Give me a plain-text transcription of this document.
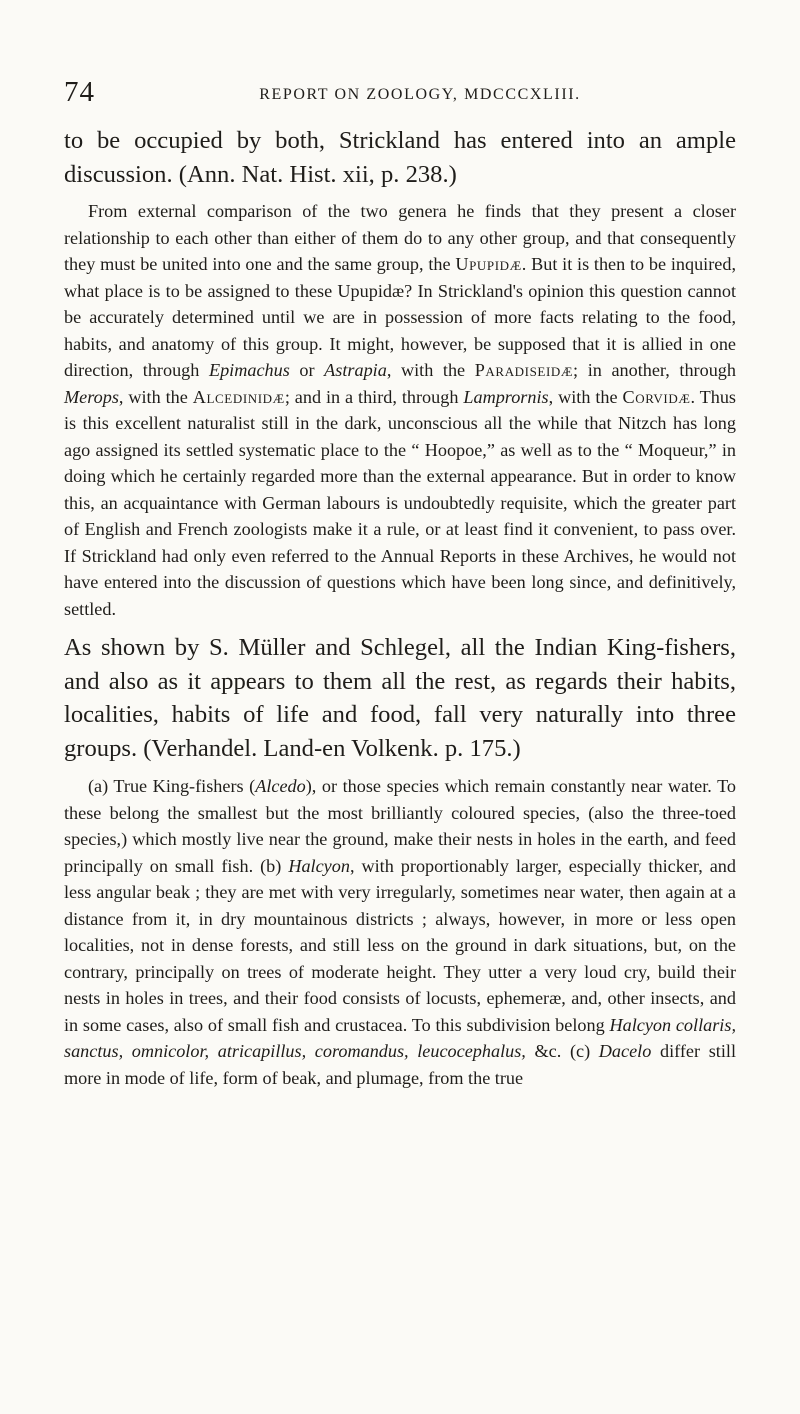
74	REPORT ON ZOOLOGY, MDCCCXLIII.

to be occupied by both, Strickland has entered into an ample discussion. (Ann. Nat. Hist. xii, p. 238.)

From external comparison of the two genera he finds that they present a closer relationship to each other than either of them do to any other group, and that consequently they must be united into one and the same group, the Upupidæ. But it is then to be inquired, what place is to be assigned to these Upupidæ? In Strickland's opinion this question cannot be accurately determined until we are in possession of more facts relating to the food, habits, and anatomy of this group. It might, however, be supposed that it is allied in one direction, through Epimachus or Astrapia, with the Paradiseidæ; in another, through Merops, with the Alcedinidæ; and in a third, through Lamprornis, with the Corvidæ. Thus is this excellent naturalist still in the dark, unconscious all the while that Nitzch has long ago assigned its settled systematic place to the “ Hoopoe,” as well as to the “ Moqueur,” in doing which he certainly regarded more than the external appearance. But in order to know this, an acquaintance with German labours is undoubtedly requisite, which the greater part of English and French zoologists make it a rule, or at least find it convenient, to pass over. If Strickland had only even referred to the Annual Reports in these Archives, he would not have entered into the discussion of questions which have been long since, and definitively, settled.

As shown by S. Müller and Schlegel, all the Indian King-fishers, and also as it appears to them all the rest, as regards their habits, localities, habits of life and food, fall very naturally into three groups. (Verhandel. Land-en Volkenk. p. 175.)

(a) True King-fishers (Alcedo), or those species which remain constantly near water. To these belong the smallest but the most brilliantly coloured species, (also the three-toed species,) which mostly live near the ground, make their nests in holes in the earth, and feed principally on small fish. (b) Halcyon, with proportionably larger, especially thicker, and less angular beak ; they are met with very irregularly, sometimes near water, then again at a distance from it, in dry mountainous districts ; always, however, in more or less open localities, not in dense forests, and still less on the ground in dark situations, but, on the contrary, principally on trees of moderate height. They utter a very loud cry, build their nests in holes in trees, and their food consists of locusts, ephemeræ, and, other insects, and in some cases, also of small fish and crustacea. To this subdivision belong Halcyon collaris, sanctus, omnicolor, atricapillus, coromandus, leucocephalus, &c. (c) Dacelo differ still more in mode of life, form of beak, and plumage, from the true
